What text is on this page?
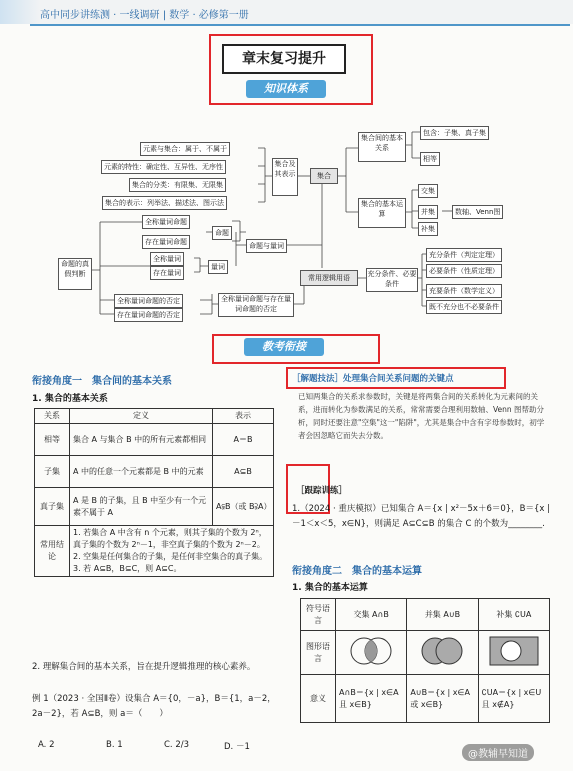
高中同步讲练测 · 一线调研 | 数学 · 必修第一册
章末复习提升
知识体系
元素与集合：属于、不属于
元素的特性：确定性、互异性、无序性
集合的分类：有限集、无限集
集合的表示：列举法、描述法、图示法
集合及其表示	集合
集合间的基本关系
包含：子集、真子集
相等
集合的基本运算
交集
并集
补集
数轴、Venn图
全称量词命题
存在量词命题
命题
全称量词
存在量词
量词
命题与量词
常用逻辑用语
全称量词命题的否定
存在量词命题的否定
全称量词命题与存在量词命题的否定
命题的真假判断	充分条件、必要条件
充分条件（判定定理）
必要条件（性质定理）
充要条件（数学定义）
既不充分也不必要条件
教考衔接
衔接角度一　集合间的基本关系
1. 集合的基本关系
关系	定义	表示
相等	集合 A 与集合 B 中的所有元素都相同	A＝B
子集	A 中的任意一个元素都是 B 中的元素	A⊆B
真子集	A 是 B 的子集，且 B 中至少有一个元素不属于 A	A⫋B（或 B⫌A）
常用结论	1. 若集合 A 中含有 n 个元素，则其子集的个数为 2ⁿ，真子集的个数为 2ⁿ－1，非空真子集的个数为 2ⁿ－2。
2. 空集是任何集合的子集，是任何非空集合的真子集。
3. 若 A⊆B，B⊆C，则 A⊆C。	
2. 理解集合间的基本关系，旨在提升逻辑推理的核心素养。
例 1（2023 · 全国Ⅱ卷）设集合 A＝{0，－a}，B＝{1，a－2，2a－2}，若 A⊆B，则 a＝（　　）
A. 2	B. 1	C. 2/3	D. －1
［解题技法］处理集合间关系问题的关键点
已知两集合的关系求参数时，关键是将两集合间的关系转化为元素间的关系，进而转化为参数满足的关系，常常需要合理利用数轴、Venn 图帮助分析，同时还要注意"空集"这一"陷阱"，尤其是集合中含有字母参数时，初学者会因忽略它而失去分数。
［跟踪训练］
1.（2024 · 重庆模拟）已知集合 A＝{x | x²－5x＋6＝0}，B＝{x | －1＜x＜5，x∈N}，则满足 A⊆C⊆B 的集合 C 的个数为________.
衔接角度二　集合的基本运算
1. 集合的基本运算
符号语言	交集 A∩B	并集 A∪B	补集 ∁UA
图形语言			
意义	A∩B＝{x | x∈A 且 x∈B}	A∪B＝{x | x∈A 或 x∈B}	∁UA＝{x | x∈U 且 x∉A}
@教辅早知道
